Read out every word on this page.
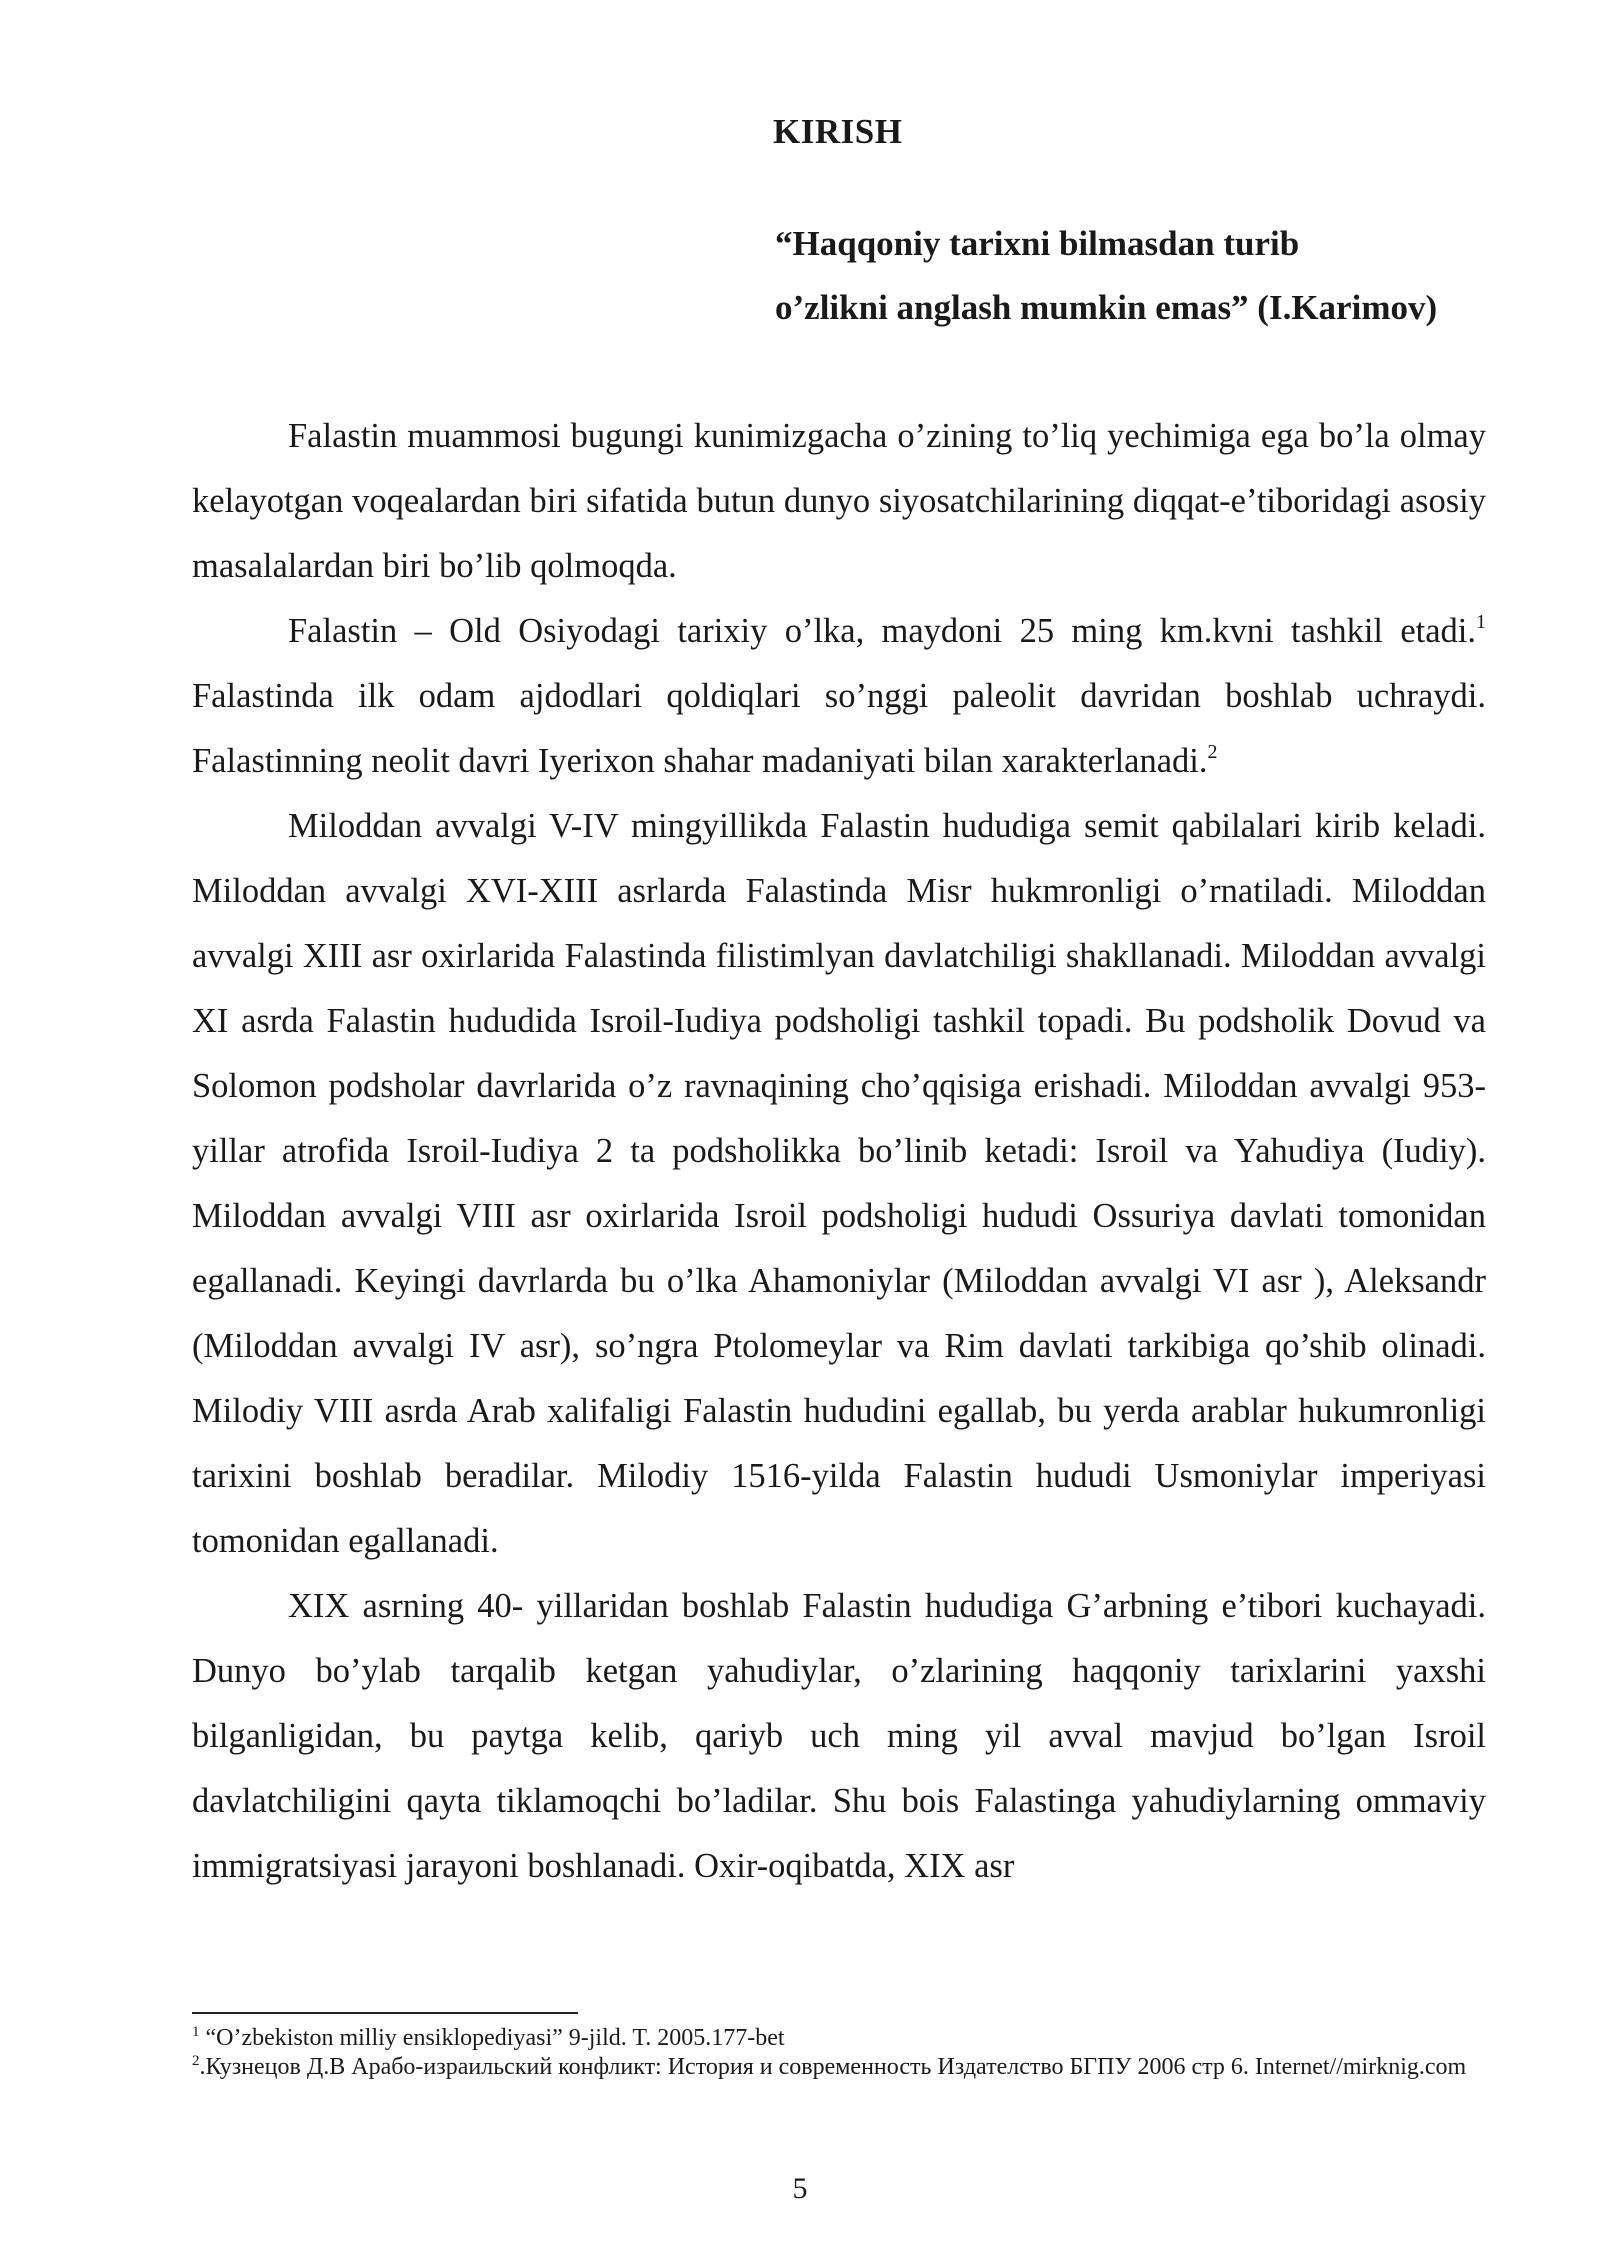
KIRISH
“Haqqoniy tarixni bilmasdan turib
o’zlikni anglash mumkin emas” (I.Karimov)

Falastin muammosi bugungi kunimizgacha o’zining to’liq yechimiga ega bo’la olmay kelayotgan voqealardan biri sifatida butun dunyo siyosatchilarining diqqat-e’tiboridagi asosiy masalalardan biri bo’lib qolmoqda.

Falastin – Old Osiyodagi tarixiy o’lka, maydoni 25 ming km.kvni tashkil etadi.$^1$ Falastinda ilk odam ajdodlari qoldiqlari so’nggi paleolit davridan boshlab uchraydi. Falastinning neolit davri Iyerixon shahar madaniyati bilan xarakterlanadi.$^2$

Miloddan avvalgi V-IV mingyillikda Falastin hududiga semit qabilalari kirib keladi. Miloddan avvalgi XVI-XIII asrlarda Falastinda Misr hukmronligi o’rnatiladi. Miloddan avvalgi XIII asr oxirlarida Falastinda filistimlyan davlatchiligi shakllanadi. Miloddan avvalgi XI asrda Falastin hududida Isroil-Iudiya podsholigi tashkil topadi. Bu podsholik Dovud va Solomon podsholar davrlarida o’z ravnaqining cho’qqisiga erishadi. Miloddan avvalgi 953-yillar atrofida Isroil-Iudiya 2 ta podsholikka bo’linib ketadi: Isroil va Yahudiya (Iudiy). Miloddan avvalgi VIII asr oxirlarida Isroil podsholigi hududi Ossuriya davlati tomonidan egallanadi. Keyingi davrlarda bu o’lka Ahamoniylar (Miloddan avvalgi VI asr ), Aleksandr (Miloddan avvalgi IV asr), so’ngra Ptolomeylar va Rim davlati tarkibiga qo’shib olinadi. Milodiy VIII asrda Arab xalifaligi Falastin hududini egallab, bu yerda arablar hukumronligi tarixini boshlab beradilar. Milodiy 1516-yilda Falastin hududi Usmoniylar imperiyasi tomonidan egallanadi.

XIX asrning 40- yillaridan boshlab Falastin hududiga G’arbning e’tibori kuchayadi. Dunyo bo’ylab tarqalib ketgan yahudiylar, o’zlarining haqqoniy tarixlarini yaxshi bilganligidan, bu paytga kelib, qariyb uch ming yil avval mavjud bo’lgan Isroil davlatchiligini qayta tiklamoqchi bo’ladilar. Shu bois Falastinga yahudiylarning ommaviy immigratsiyasi jarayoni boshlanadi. Oxir-oqibatda, XIX asr

$^1$ “O’zbekiston milliy ensiklopediyasi” 9-jild. T. 2005.177-bet

$^2$.Кузнецов Д.В Арабо-израильский конфликт: История и современность Издателство БГПУ 2006 стр 6. Internet//mirknig.com

5
